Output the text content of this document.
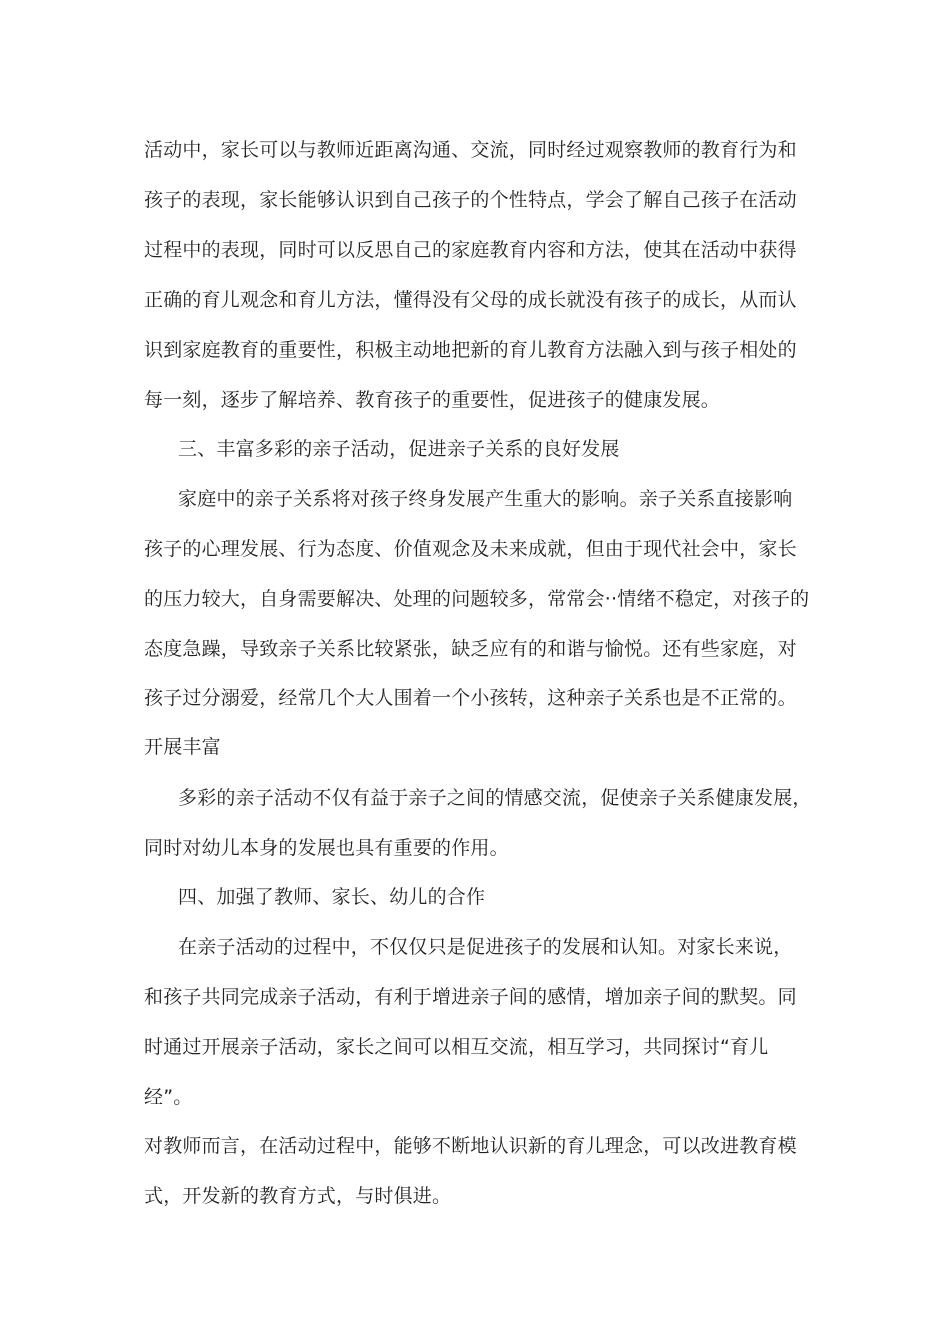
活动中，家长可以与教师近距离沟通、交流，同时经过观察教师的教育行为和
孩子的表现，家长能够认识到自己孩子的个性特点，学会了解自己孩子在活动
过程中的表现，同时可以反思自己的家庭教育内容和方法，使其在活动中获得
正确的育儿观念和育儿方法，懂得没有父母的成长就没有孩子的成长，从而认
识到家庭教育的重要性，积极主动地把新的育儿教育方法融入到与孩子相处的
每一刻，逐步了解培养、教育孩子的重要性，促进孩子的健康发展。
三、丰富多彩的亲子活动，促进亲子关系的良好发展
家庭中的亲子关系将对孩子终身发展产生重大的影响。亲子关系直接影响
孩子的心理发展、行为态度、价值观念及未来成就，但由于现代社会中，家长
的压力较大，自身需要解决、处理的问题较多，常常会··情绪不稳定，对孩子的
态度急躁，导致亲子关系比较紧张，缺乏应有的和谐与愉悦。还有些家庭，对
孩子过分溺爱，经常几个大人围着一个小孩转，这种亲子关系也是不正常的。
开展丰富
多彩的亲子活动不仅有益于亲子之间的情感交流，促使亲子关系健康发展，
同时对幼儿本身的发展也具有重要的作用。
四、加强了教师、家长、幼儿的合作
在亲子活动的过程中，不仅仅只是促进孩子的发展和认知。对家长来说，
和孩子共同完成亲子活动，有利于增进亲子间的感情，增加亲子间的默契。同
时通过开展亲子活动，家长之间可以相互交流，相互学习，共同探讨“育儿
经”。
对教师而言，在活动过程中，能够不断地认识新的育儿理念，可以改进教育模
式，开发新的教育方式，与时俱进。
